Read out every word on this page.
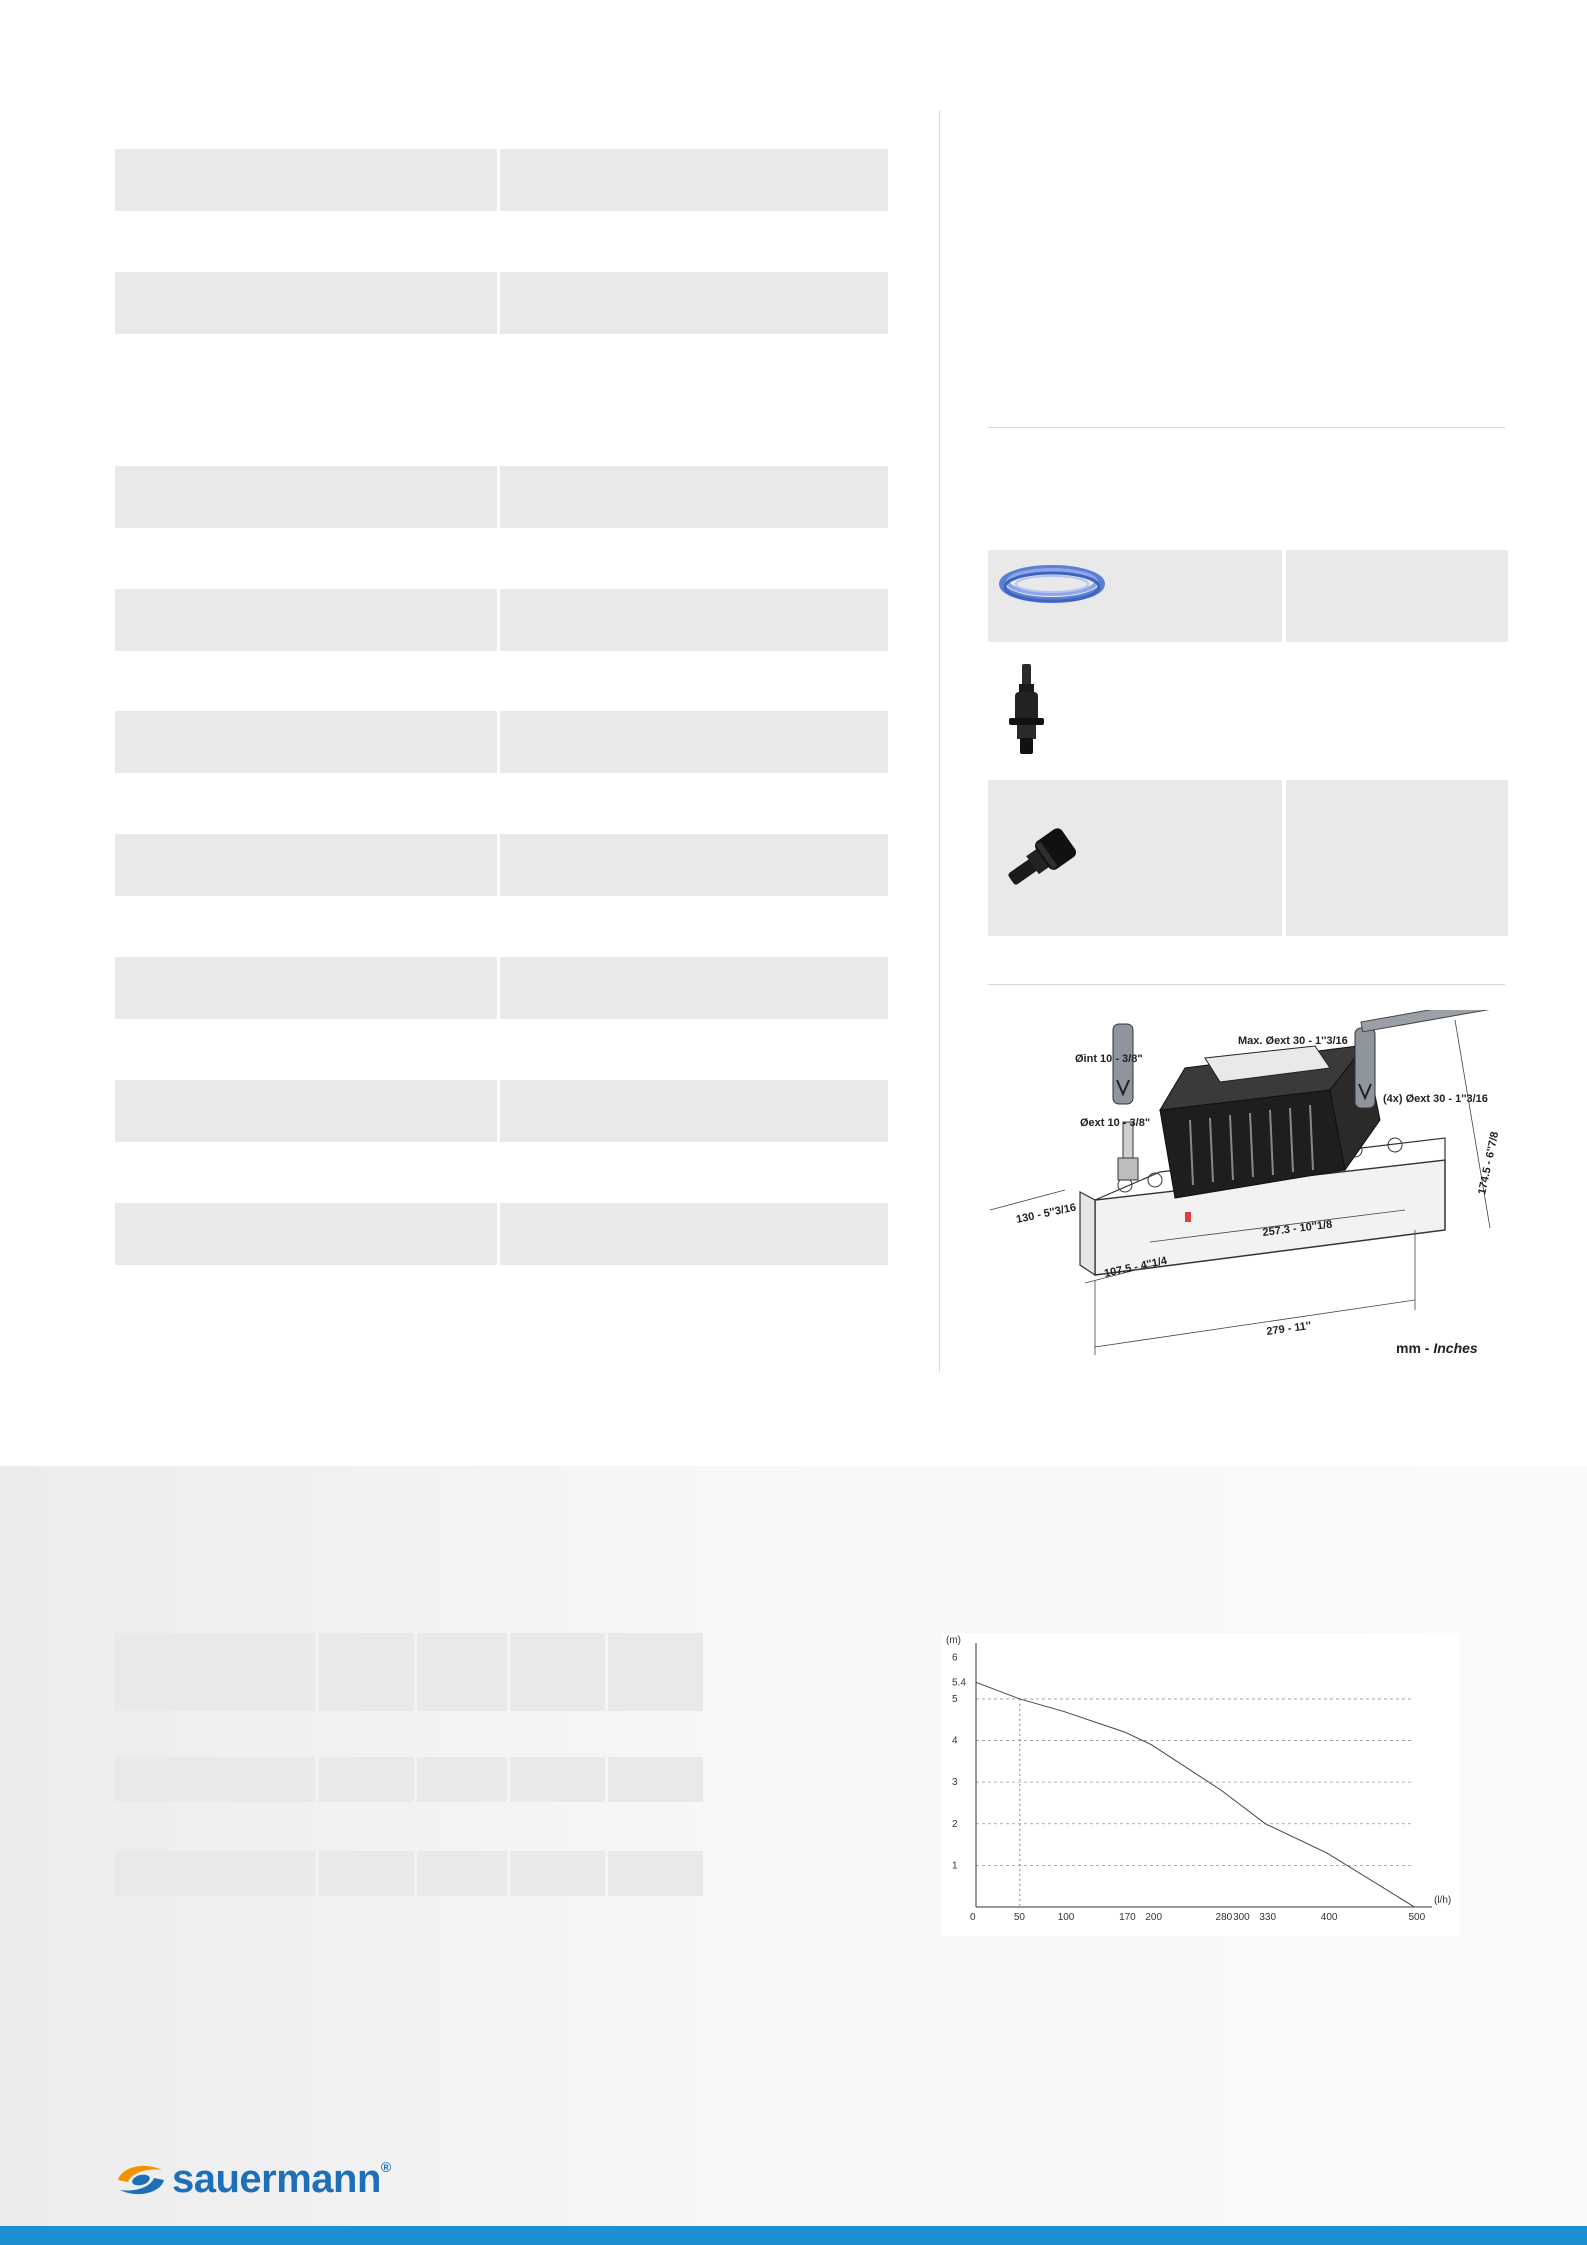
Øint 10 - 3/8"
Øext 10 - 3/8"
Max. Øext 30 - 1''3/16
(4x) Øext 30 - 1''3/16
174.5 - 6''7/8
130 - 5''3/16
257.3 - 10''1/8
107.5 - 4''1/4
279 - 11''
mm - Inches
(m)
(l/h)
1
2
3
4
5
6
5.4
0	50	100	170 200	280 300 330	400	500
sauermann®
